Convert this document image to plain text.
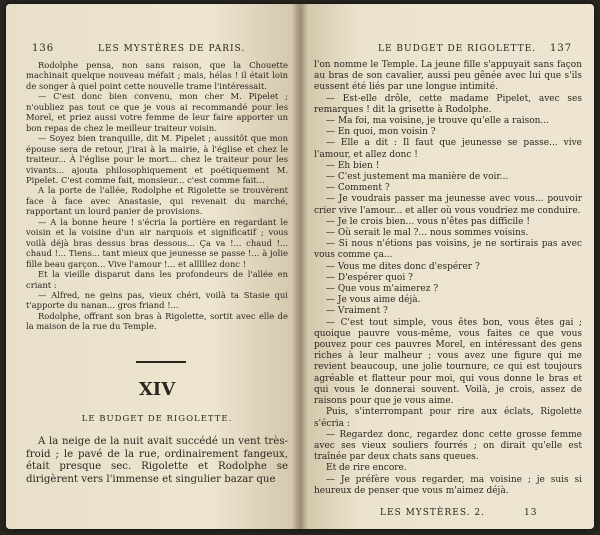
136	LES MYSTÈRES DE PARIS.

Rodolphe pensa, non sans raison, que la Chouette machinait quelque nouveau méfait ; mais, hélas ! il était loin de songer à quel point cette nouvelle trame l'intéressait.

— C'est donc bien convenu, mon cher M. Pipelet ; n'oubliez pas tout ce que je vous ai recommandé pour les Morel, et priez aussi votre femme de leur faire apporter un bon repas de chez le meilleur traiteur voisin.

— Soyez bien tranquille, dit M. Pipelet ; aussitôt que mon épouse sera de retour, j'irai à la mairie, à l'église et chez le traiteur... À l'église pour le mort... chez le traiteur pour les vivants... ajouta philosophiquement et poétiquement M. Pipelet. C'est comme fait, monsieur... c'est comme fait...

A la porte de l'allée, Rodolphe et Rigolette se trouvèrent face à face avec Anastasie, qui revenait du marché, rapportant un lourd panier de provisions.

— A la bonne heure ! s'écria la portière en regardant le voisin et la voisine d'un air narquois et significatif ; vous voilà déjà bras dessus bras dessous... Ça va !... chaud !... chaud !... Tiens... tant mieux que jeunesse se passe !... à jolie fille beau garçon... Vive l'amour !... et alllllez donc !

Et la vieille disparut dans les profondeurs de l'allée en criant :

— Alfred, ne geins pas, vieux chéri, voilà ta Stasie qui t'apporte du nanan... gros friand !...

Rodolphe, offrant son bras à Rigolette, sortit avec elle de la maison de la rue du Temple.

XIV
LE BUDGET DE RIGOLETTE.

A la neige de la nuit avait succédé un vent très-froid ; le pavé de la rue, ordinairement fangeux, était presque sec. Rigolette et Rodolphe se dirigèrent vers l'immense et singulier bazar que

LE BUDGET DE RIGOLETTE. 137

l'on nomme le Temple. La jeune fille s'appuyait sans façon au bras de son cavalier, aussi peu gênée avec lui que s'ils eussent été liés par une longue intimité.

— Est-elle drôle, cette madame Pipelet, avec ses remarques ! dit la grisette à Rodolphe.

— Ma foi, ma voisine, je trouve qu'elle a raison...

— En quoi, mon voisin ?

— Elle a dit : Il faut que jeunesse se passe... vive l'amour, et allez donc !

— Eh bien !

— C'est justement ma manière de voir...

— Comment ?

— Je voudrais passer ma jeunesse avec vous... pouvoir crier vive l'amour... et aller où vous voudriez me conduire.

— Je le crois bien... vous n'êtes pas difficile !

— Où serait le mal ?... nous sommes voisins.

— Si nous n'étions pas voisins, je ne sortirais pas avec vous comme ça...

— Vous me dites donc d'espérer ?

— D'espérer quoi ?

— Que vous m'aimerez ?

— Je vous aime déjà.

— Vraiment ?

— C'est tout simple, vous êtes bon, vous êtes gai ; quoique pauvre vous-même, vous faites ce que vous pouvez pour ces pauvres Morel, en intéressant des gens riches à leur malheur ; vous avez une figure qui me revient beaucoup, une jolie tournure, ce qui est toujours agréable et flatteur pour moi, qui vous donne le bras et qui vous le donnerai souvent. Voilà, je crois, assez de raisons pour que je vous aime.

Puis, s'interrompant pour rire aux éclats, Rigolette s'écria :

— Regardez donc, regardez donc cette grosse femme avec ses vieux souliers fourrés ; on dirait qu'elle est traînée par deux chats sans queues.

Et de rire encore.

— Je préfère vous regarder, ma voisine ; je suis si heureux de penser que vous m'aimez déjà.

LES MYSTÈRES. 2.	13
